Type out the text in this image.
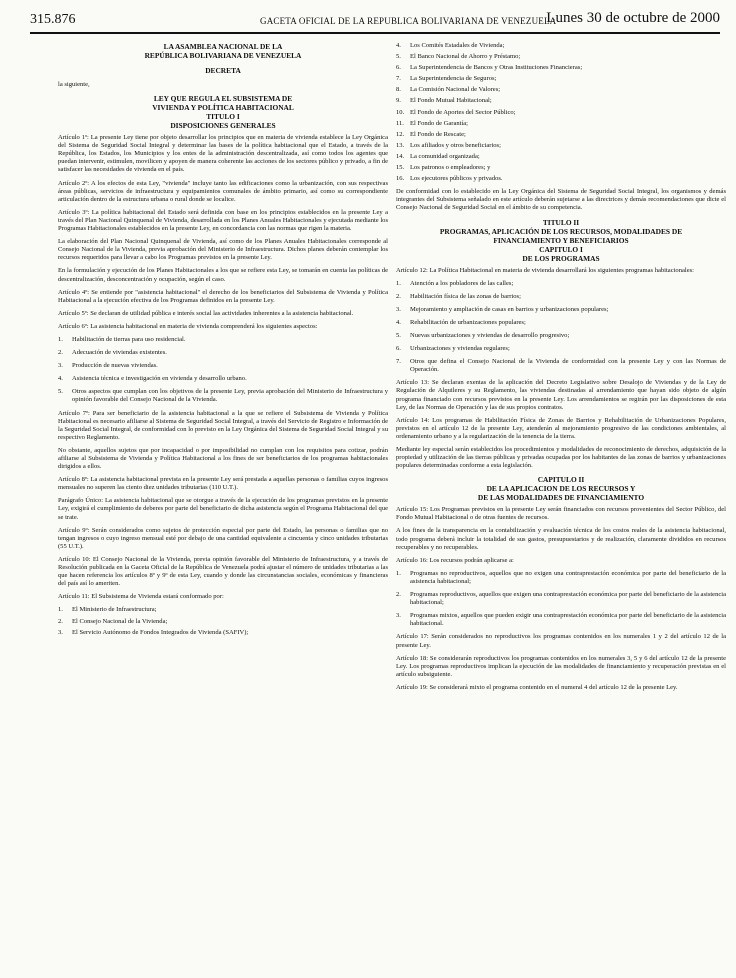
315.876	GACETA OFICIAL DE LA REPUBLICA BOLIVARIANA DE VENEZUELA
Lunes 30 de octubre de 2000
LA ASAMBLEA NACIONAL DE LA
REPÚBLICA BOLIVARIANA DE VENEZUELA
DECRETA
la siguiente,
LEY QUE REGULA EL SUBSISTEMA DE
VIVIENDA Y POLÍTICA HABITACIONAL
TITULO I
DISPOSICIONES GENERALES
Artículo 1º: La presente Ley tiene por objeto desarrollar los principios que en materia de vivienda establece la Ley Orgánica del Sistema de Seguridad Social Integral y determinar las bases de la política habitacional que el Estado, a través de la República, los Estados, los Municipios y los entes de la administración descentralizada, así como todos los agentes que puedan intervenir, estimulen, movilicen y apoyen de manera coherente las acciones de los sectores público y privado, a fin de satisfacer las necesidades de vivienda en el país.
Artículo 2º: A los efectos de esta Ley, "vivienda" incluye tanto las edificaciones como la urbanización, con sus respectivas áreas públicas, servicios de infraestructura y equipamientos comunales de ámbito primario, así como su correspondiente articulación dentro de la estructura urbana o rural donde se localice.
Artículo 3º: La política habitacional del Estado será definida con base en los principios establecidos en la presente Ley a través del Plan Nacional Quinquenal de Vivienda, desarrollada en los Planes Anuales Habitacionales y ejecutada mediante los Programas Habitacionales establecidos en la presente Ley, en concordancia con las normas que rigen la materia.
La elaboración del Plan Nacional Quinquenal de Vivienda, así como de los Planes Anuales Habitacionales corresponde al Consejo Nacional de la Vivienda, previa aprobación del Ministerio de Infraestructura. Dichos planes deberán contemplar los recursos requeridos para llevar a cabo los Programas previstos en la presente Ley.
En la formulación y ejecución de los Planes Habitacionales a los que se refiere esta Ley, se tomarán en cuenta las políticas de descentralización, desconcentración y ocupación, según el caso.
Artículo 4º: Se entiende por "asistencia habitacional" el derecho de los beneficiarios del Subsistema de Vivienda y Política Habitacional a la ejecución efectiva de los Programas definidos en la presente Ley.
Artículo 5º: Se declaran de utilidad pública e interés social las actividades inherentes a la asistencia habitacional.
Artículo 6º: La asistencia habitacional en materia de vivienda comprenderá los siguientes aspectos:
1.	Habilitación de tierras para uso residencial.
2.	Adecuación de viviendas existentes.
3.	Producción de nuevas viviendas.
4.	Asistencia técnica e investigación en vivienda y desarrollo urbano.
5.	Otros aspectos que cumplan con los objetivos de la presente Ley, previa aprobación del Ministerio de Infraestructura y opinión favorable del Consejo Nacional de la Vivienda.
Artículo 7º: Para ser beneficiario de la asistencia habitacional a la que se refiere el Subsistema de Vivienda y Política Habitacional es necesario afiliarse al Sistema de Seguridad Social Integral, a través del Servicio de Registro e Información de la Seguridad Social Integral, de conformidad con lo previsto en la Ley Orgánica del Sistema de Seguridad Social Integral y su respectivo Reglamento.
No obstante, aquellos sujetos que por incapacidad o por imposibilidad no cumplan con los requisitos para cotizar, podrán afiliarse al Subsistema de Vivienda y Política Habitacional a los fines de ser beneficiarios de los programas habitacionales dirigidos a ellos.
Artículo 8º: La asistencia habitacional prevista en la presente Ley será prestada a aquellas personas o familias cuyos ingresos mensuales no superen las ciento diez unidades tributarias (110 U.T.).
Parágrafo Único: La asistencia habitacional que se otorgue a través de la ejecución de los programas previstos en la presente Ley, exigirá el cumplimiento de deberes por parte del beneficiario de dicha asistencia según el Programa Habitacional del que se trate.
Artículo 9º: Serán considerados como sujetos de protección especial por parte del Estado, las personas o familias que no tengan ingresos o cuyo ingreso mensual esté por debajo de una cantidad equivalente a cincuenta y cinco unidades tributarias (55 U.T.).
Artículo 10: El Consejo Nacional de la Vivienda, previa opinión favorable del Ministerio de Infraestructura, y a través de Resolución publicada en la Gaceta Oficial de la República de Venezuela podrá ajustar el número de unidades tributarias a las que hacen referencia los artículos 8º y 9º de esta Ley, cuando y donde las circunstancias sociales, económicas y financieras del país así lo ameriten.
Artículo 11: El Subsistema de Vivienda estará conformado por:
1.	El Ministerio de Infraestructura;
2.	El Consejo Nacional de la Vivienda;
3.	El Servicio Autónomo de Fondos Integrados de Vivienda (SAFIV);
4.	Los Comités Estadales de Vivienda;
5.	El Banco Nacional de Ahorro y Préstamo;
6.	La Superintendencia de Bancos y Otras Instituciones Financieras;
7.	La Superintendencia de Seguros;
8.	La Comisión Nacional de Valores;
9.	El Fondo Mutual Habitacional;
10. El Fondo de Aportes del Sector Público;
11. El Fondo de Garantía;
12. El Fondo de Rescate;
13. Los afiliados y otros beneficiarios;
14. La comunidad organizada;
15. Los patronos o empleadores; y
16. Los ejecutores públicos y privados.
De conformidad con lo establecido en la Ley Orgánica del Sistema de Seguridad Social Integral, los organismos y demás integrantes del Subsistema señalado en este artículo deberán sujetarse a las directrices y demás recomendaciones que dicte el Consejo Nacional de Seguridad Social en el ámbito de su competencia.
TITULO II
PROGRAMAS, APLICACIÓN DE LOS RECURSOS, MODALIDADES DE
FINANCIAMIENTO Y BENEFICIARIOS
CAPITULO I
DE LOS PROGRAMAS
Artículo 12: La Política Habitacional en materia de vivienda desarrollará los siguientes programas habitacionales:
1.	Atención a los pobladores de las calles;
2.	Habilitación física de las zonas de barrios;
3.	Mejoramiento y ampliación de casas en barrios y urbanizaciones populares;
4.	Rehabilitación de urbanizaciones populares;
5.	Nuevas urbanizaciones y viviendas de desarrollo progresivo;
6.	Urbanizaciones y viviendas regulares;
7.	Otros que defina el Consejo Nacional de la Vivienda de conformidad con la presente Ley y con las Normas de Operación.
Artículo 13: Se declaran exentas de la aplicación del Decreto Legislativo sobre Desalojo de Viviendas y de la Ley de Regulación de Alquileres y su Reglamento, las viviendas destinadas al arrendamiento que hayan sido objeto de algún programa financiado con recursos previstos en la presente Ley. Los arrendamientos se regirán por las disposiciones de esta Ley, de las Normas de Operación y las de sus propios contratos.
Artículo 14: Los programas de Habilitación Física de Zonas de Barrios y Rehabilitación de Urbanizaciones Populares, previstos en el artículo 12 de la presente Ley, atenderán al mejoramiento progresivo de las condiciones ambientales, al ordenamiento urbano y a la regularización de la tenencia de la tierra.
Mediante ley especial serán establecidos los procedimientos y modalidades de reconocimiento de derechos, adquisición de la propiedad y utilización de las tierras públicas y privadas ocupadas por los habitantes de las zonas de barrios y urbanizaciones populares determinadas conforme a esta legislación.
CAPITULO II
DE LA APLICACION DE LOS RECURSOS Y
DE LAS MODALIDADES DE FINANCIAMIENTO
Artículo 15: Los Programas previstos en la presente Ley serán financiados con recursos provenientes del Sector Público, del Fondo Mutual Habitacional o de otras fuentes de recursos.
A los fines de la transparencia en la contabilización y evaluación técnica de los costos reales de la asistencia habitacional, todo programa deberá incluir la totalidad de sus gastos, presupuestarios y de realización, claramente divididos en recursos recuperables y no recuperables.
Artículo 16: Los recursos podrán aplicarse a:
1.	Programas no reproductivos, aquellos que no exigen una contraprestación económica por parte del beneficiario de la asistencia habitacional;
2.	Programas reproductivos, aquellos que exigen una contraprestación económica por parte del beneficiario de la asistencia habitacional;
3.	Programas mixtos, aquellos que pueden exigir una contraprestación económica por parte del beneficiario de la asistencia habitacional.
Artículo 17: Serán considerados no reproductivos los programas contenidos en los numerales 1 y 2 del artículo 12 de la presente Ley.
Artículo 18: Se considerarán reproductivos los programas contenidos en los numerales 3, 5 y 6 del artículo 12 de la presente Ley. Los programas reproductivos implican la ejecución de las modalidades de financiamiento y recuperación previstas en el artículo subsiguiente.
Artículo 19: Se considerará mixto el programa contenido en el numeral 4 del artículo 12 de la presente Ley.
